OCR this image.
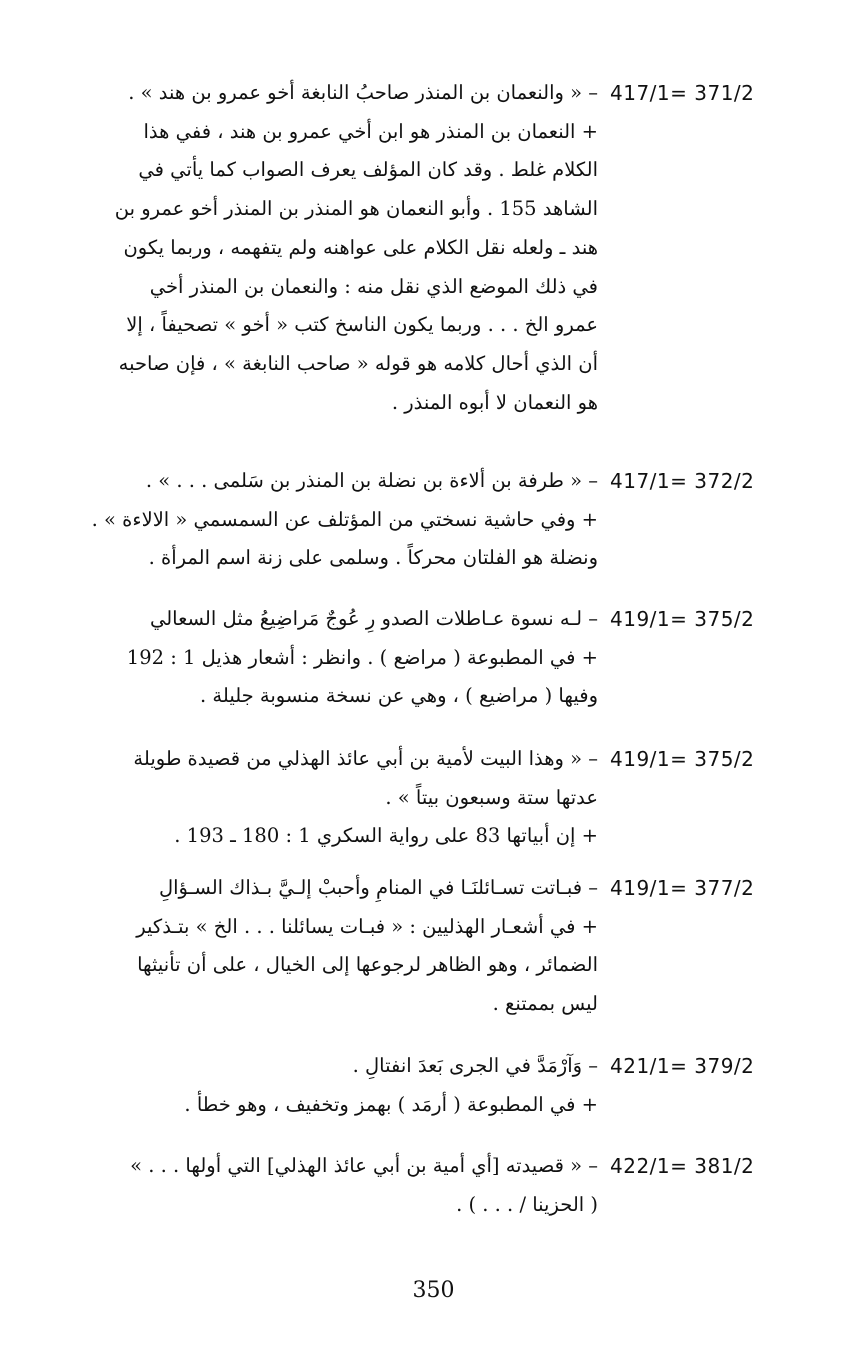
417/1= 371/2
– « والنعمان بن المنذر صاحبُ النابغة أخو عمرو بن هند » .
+ النعمان بن المنذر هو ابن أخي عمرو بن هند ، ففي هذا
الكلام غلط . وقد كان المؤلف يعرف الصواب كما يأتي في
الشاهد 155 . وأبو النعمان هو المنذر بن المنذر أخو عمرو بن
هند ـ ولعله نقل الكلام على عواهنه ولم يتفهمه ، وربما يكون
في ذلك الموضع الذي نقل منه : والنعمان بن المنذر أخي
عمرو الخ . . . وربما يكون الناسخ كتب « أخو » تصحيفاً ، إلا
أن الذي أحال كلامه هو قوله « صاحب النابغة » ، فإن صاحبه
هو النعمان لا أبوه المنذر .
417/1= 372/2
– « طرفة بن ألاءة بن نضلة بن المنذر بن سَلمى . . . » .
+ وفي حاشية نسختي من المؤتلف عن السمسمي « الالاءة » .
ونضلة هو الفلتان محركاً . وسلمى على زنة اسم المرأة .
419/1= 375/2
– لـه نسوة عـاطلات الصدو رِ عُوجٌ مَراضِيعُ مثل السعالي
+ في المطبوعة ( مراضع ) . وانظر : أشعار هذيل 1 : 192
وفيها ( مراضيع ) ، وهي عن نسخة منسوبة جليلة .
419/1= 375/2
– « وهذا البيت لأمية بن أبي عائذ الهذلي من قصيدة طويلة
عدتها ستة وسبعون بيتاً » .
+ إن أبياتها 83 على رواية السكري 1 : 180 ـ 193 .
419/1= 377/2
– فبـاتت تسـائلنَـا في المنامِ وأحببْ إلـيَّ بـذاك السـؤالِ
+ في أشعـار الهذليين : « فبـات يسائلنا . . . الخ » بتـذكير
الضمائر ، وهو الظاهر لرجوعها إلى الخيال ، على أن تأنيثها
ليس بممتنع .
421/1= 379/2
– وَآرْمَدَّ في الجرى بَعدَ انفتالِ .
+ في المطبوعة ( أرمَد ) بهمز وتخفيف ، وهو خطأ .
422/1= 381/2
– « قصيدته [أي أمية بن أبي عائذ الهذلي] التي أولها . . . »
( الحزينا / . . . ) .
350
